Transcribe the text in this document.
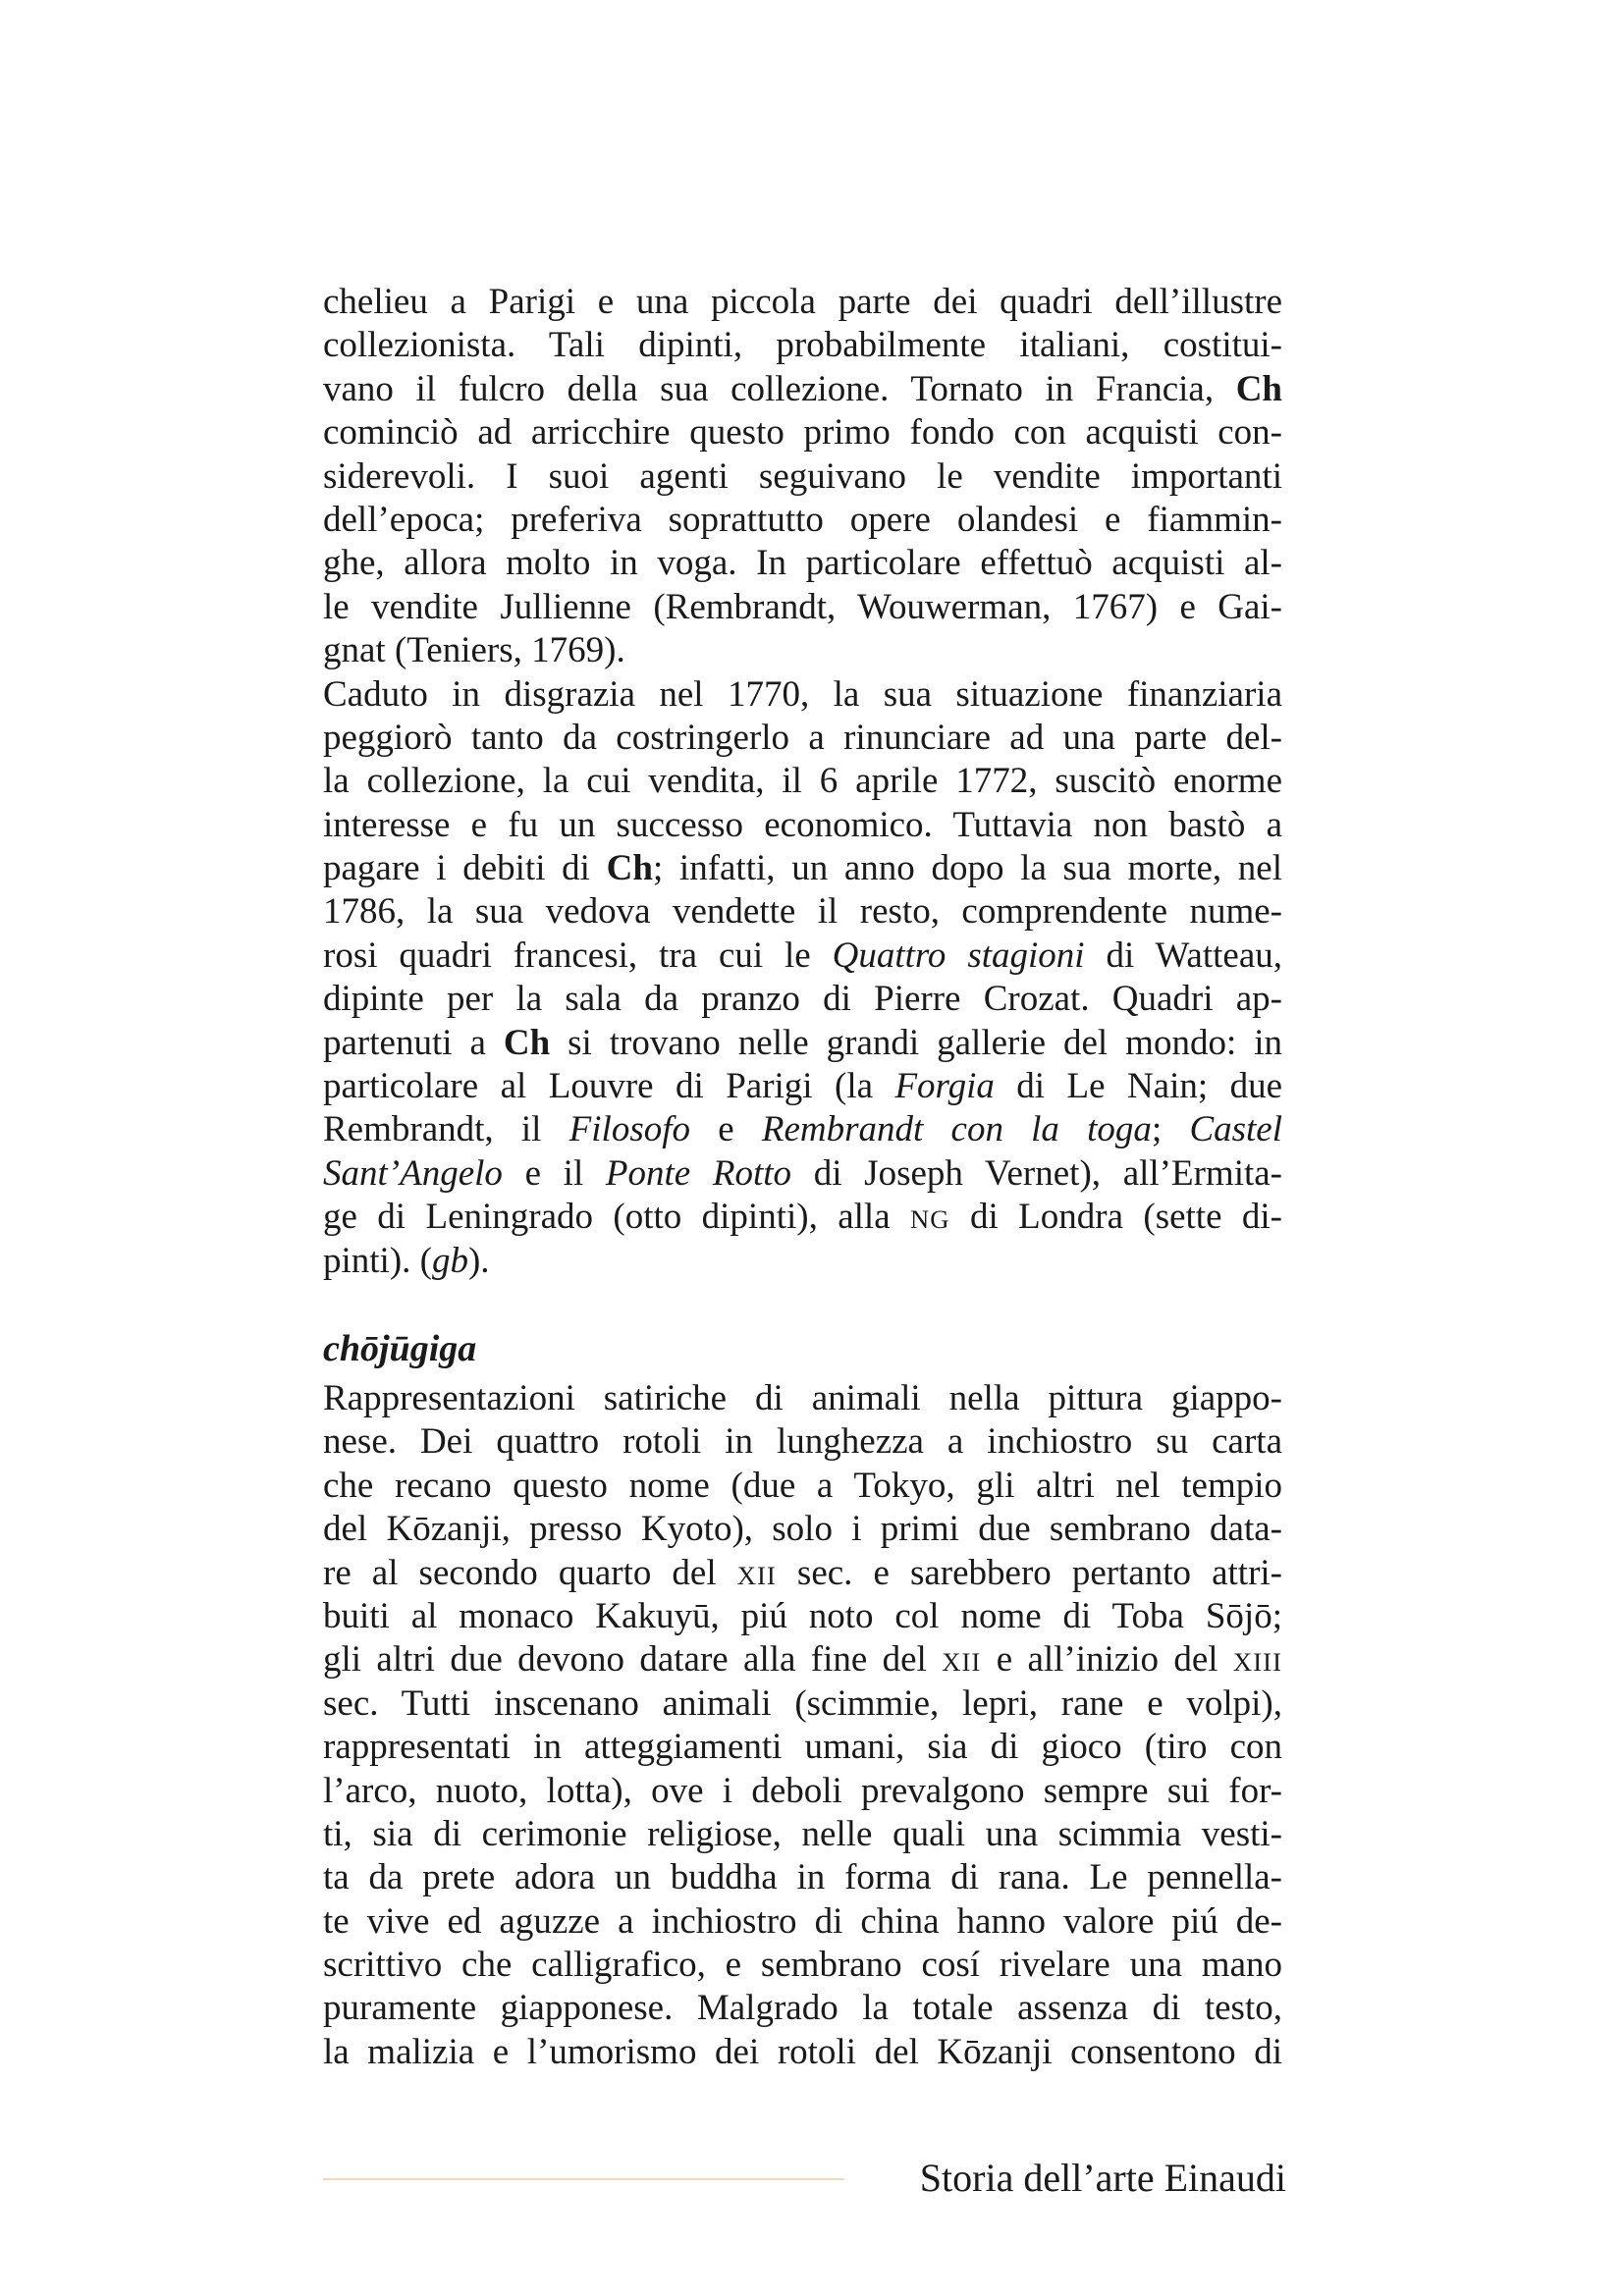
chelieu a Parigi e una piccola parte dei quadri dell’illustre
collezionista. Tali dipinti, probabilmente italiani, costitui-
vano il fulcro della sua collezione. Tornato in Francia, Ch
cominciò ad arricchire questo primo fondo con acquisti con-
siderevoli. I suoi agenti seguivano le vendite importanti
dell’epoca; preferiva soprattutto opere olandesi e fiammin-
ghe, allora molto in voga. In particolare effettuò acquisti al-
le vendite Jullienne (Rembrandt, Wouwerman, 1767) e Gai-
gnat (Teniers, 1769).
Caduto in disgrazia nel 1770, la sua situazione finanziaria
peggiorò tanto da costringerlo a rinunciare ad una parte del-
la collezione, la cui vendita, il 6 aprile 1772, suscitò enorme
interesse e fu un successo economico. Tuttavia non bastò a
pagare i debiti di Ch; infatti, un anno dopo la sua morte, nel
1786, la sua vedova vendette il resto, comprendente nume-
rosi quadri francesi, tra cui le Quattro stagioni di Watteau,
dipinte per la sala da pranzo di Pierre Crozat. Quadri ap-
partenuti a Ch si trovano nelle grandi gallerie del mondo: in
particolare al Louvre di Parigi (la Forgia di Le Nain; due
Rembrandt, il Filosofo e Rembrandt con la toga; Castel
Sant’Angelo e il Ponte Rotto di Joseph Vernet), all’Ermita-
ge di Leningrado (otto dipinti), alla NG di Londra (sette di-
pinti). (gb).
chōjūgiga
Rappresentazioni satiriche di animali nella pittura giappo-
nese. Dei quattro rotoli in lunghezza a inchiostro su carta
che recano questo nome (due a Tokyo, gli altri nel tempio
del Kōzanji, presso Kyoto), solo i primi due sembrano data-
re al secondo quarto del XII sec. e sarebbero pertanto attri-
buiti al monaco Kakuyū, piú noto col nome di Toba Sōjō;
gli altri due devono datare alla fine del XII e all’inizio del XIII
sec. Tutti inscenano animali (scimmie, lepri, rane e volpi),
rappresentati in atteggiamenti umani, sia di gioco (tiro con
l’arco, nuoto, lotta), ove i deboli prevalgono sempre sui for-
ti, sia di cerimonie religiose, nelle quali una scimmia vesti-
ta da prete adora un buddha in forma di rana. Le pennella-
te vive ed aguzze a inchiostro di china hanno valore piú de-
scrittivo che calligrafico, e sembrano cosí rivelare una mano
puramente giapponese. Malgrado la totale assenza di testo,
la malizia e l’umorismo dei rotoli del Kōzanji consentono di
Storia dell’arte Einaudi
